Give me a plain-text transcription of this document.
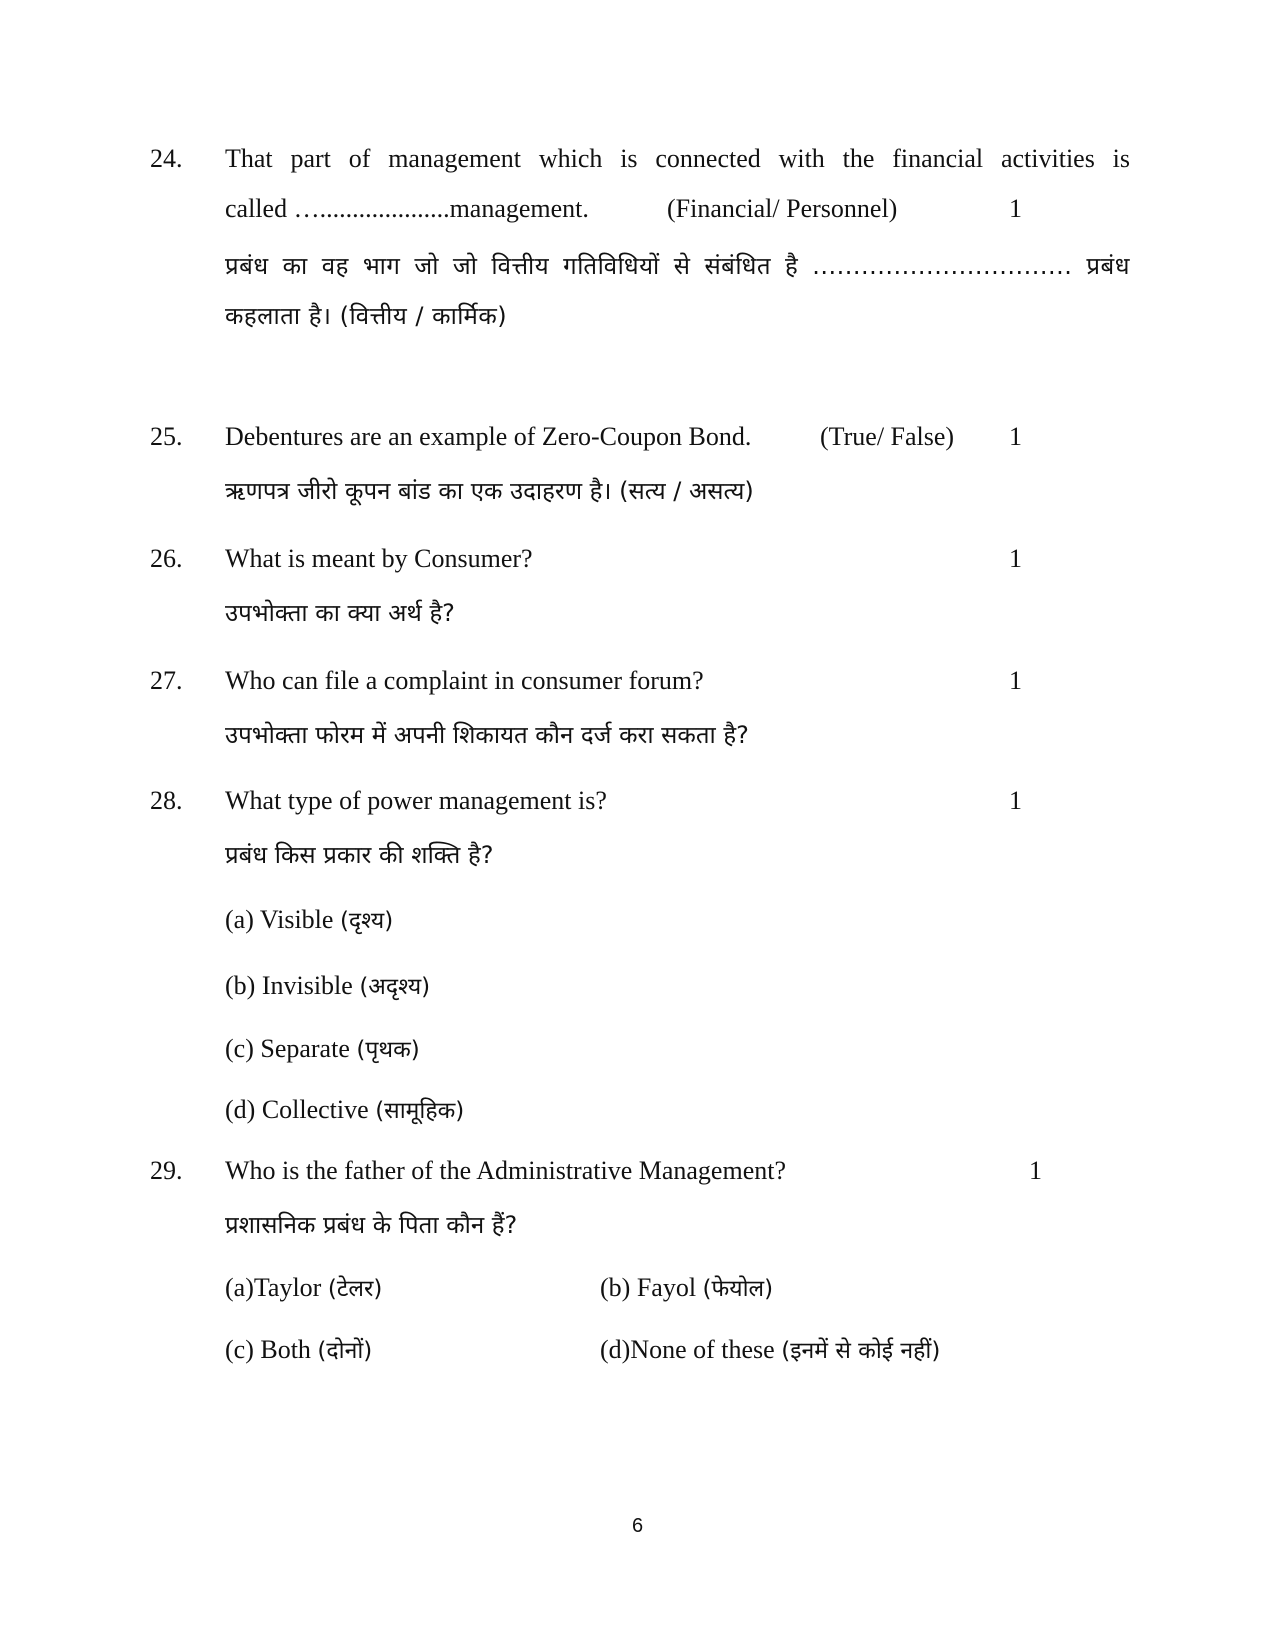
24. That part of management which is connected with the financial activities is
called …....................management.	(Financial/ Personnel)	1
प्रबंध का वह भाग जो जो वित्तीय गतिविधियों से संबंधित है ................................ प्रबंध
कहलाता है। (वित्तीय / कार्मिक)
25. Debentures are an example of Zero-Coupon Bond.	(True/ False) 1
ऋणपत्र जीरो कूपन बांड का एक उदाहरण है। (सत्य / असत्य)
26. What is meant by Consumer?	1
उपभोक्ता का क्या अर्थ है?
27. Who can file a complaint in consumer forum?	1
उपभोक्ता फोरम में अपनी शिकायत कौन दर्ज करा सकता है?
28. What type of power management is?	1
प्रबंध किस प्रकार की शक्ति है?
(a) Visible (दृश्य)
(b) Invisible (अदृश्य)
(c) Separate (पृथक)
(d) Collective (सामूहिक)
29. Who is the father of the Administrative Management?	1
प्रशासनिक प्रबंध के पिता कौन हैं?
(a)Taylor (टेलर)	(b) Fayol (फेयोल)
(c) Both (दोनों)	(d)None of these (इनमें से कोई नहीं)
6
